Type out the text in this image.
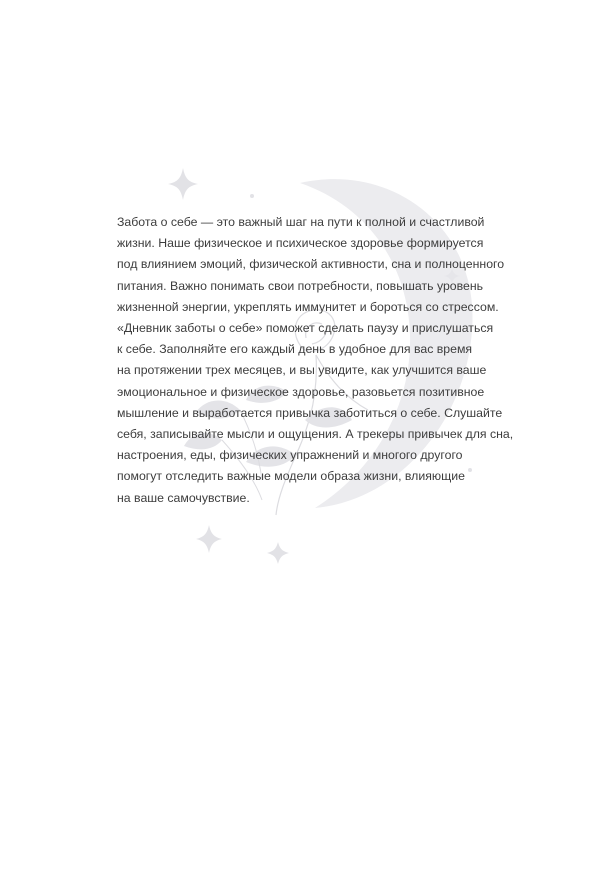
Забота о себе — это важный шаг на пути к полной и счастливой
жизни. Наше физическое и психическое здоровье формируется
под влиянием эмоций, физической активности, сна и полноценного
питания. Важно понимать свои потребности, повышать уровень
жизненной энергии, укреплять иммунитет и бороться со стрессом.
«Дневник заботы о себе» поможет сделать паузу и прислушаться
к себе. Заполняйте его каждый день в удобное для вас время
на протяжении трех месяцев, и вы увидите, как улучшится ваше
эмоциональное и физическое здоровье, разовьется позитивное
мышление и выработается привычка заботиться о себе. Слушайте
себя, записывайте мысли и ощущения. А трекеры привычек для сна,
настроения, еды, физических упражнений и многого другого
помогут отследить важные модели образа жизни, влияющие
на ваше самочувствие.
